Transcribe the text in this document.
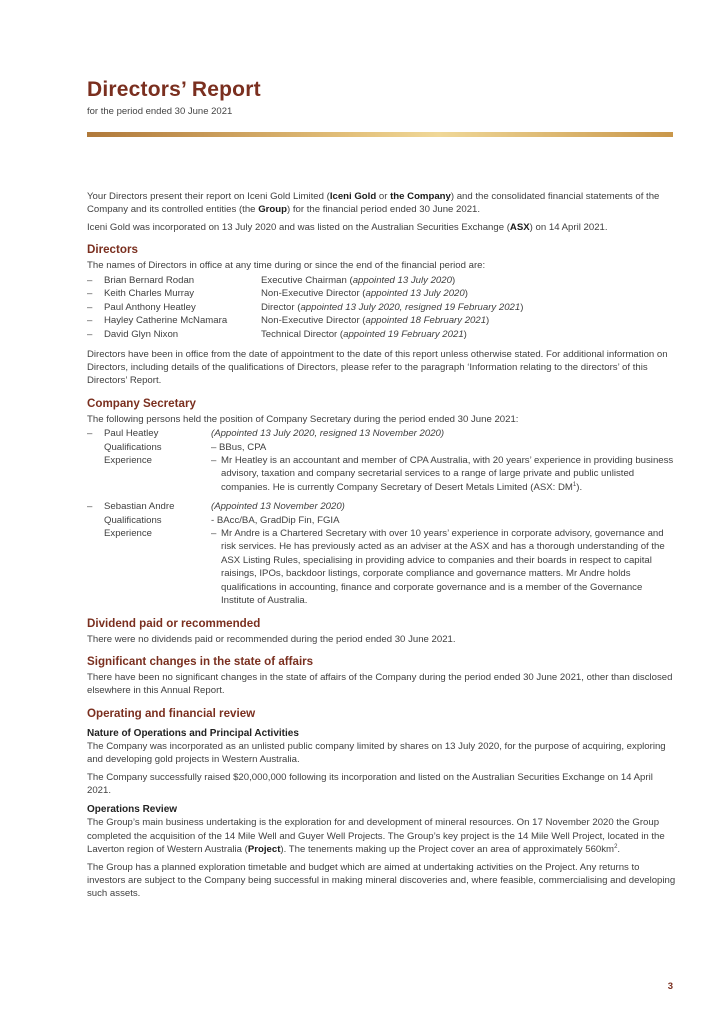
Directors’ Report
for the period ended 30 June 2021

Your Directors present their report on Iceni Gold Limited (Iceni Gold or the Company) and the consolidated financial statements of the Company and its controlled entities (the Group) for the financial period ended 30 June 2021.

Iceni Gold was incorporated on 13 July 2020 and was listed on the Australian Securities Exchange (ASX) on 14 April 2021.

Directors

The names of Directors in office at any time during or since the end of the financial period are:

–	Brian Bernard Rodan	Executive Chairman (appointed 13 July 2020)
–	Keith Charles Murray	Non-Executive Director (appointed 13 July 2020)
–	Paul Anthony Heatley	Director (appointed 13 July 2020, resigned 19 February 2021)
–	Hayley Catherine McNamara	Non-Executive Director (appointed 18 February 2021)
–	David Glyn Nixon	Technical Director (appointed 19 February 2021)

Directors have been in office from the date of appointment to the date of this report unless otherwise stated. For additional information on Directors, including details of the qualifications of Directors, please refer to the paragraph ‘Information relating to the directors’ of this Directors’ Report.

Company Secretary

The following persons held the position of Company Secretary during the period ended 30 June 2021:

–	Paul Heatley	(Appointed 13 July 2020, resigned 13 November 2020)
Qualifications	– BBus, CPA
Experience	– Mr Heatley is an accountant and member of CPA Australia, with 20 years’ experience in providing business advisory, taxation and company secretarial services to a range of large private and public unlisted companies. He is currently Company Secretary of Desert Metals Limited (ASX: $DM^1$).
–	Sebastian Andre	(Appointed 13 November 2020)
Qualifications	- BAcc/BA, GradDip Fin, FGIA
Experience	– Mr Andre is a Chartered Secretary with over 10 years’ experience in corporate advisory, governance and risk services. He has previously acted as an adviser at the ASX and has a thorough understanding of the ASX Listing Rules, specialising in providing advice to companies and their boards in respect to capital raisings, IPOs, backdoor listings, corporate compliance and governance matters. Mr Andre holds qualifications in accounting, finance and corporate governance and is a member of the Governance Institute of Australia.
Dividend paid or recommended

There were no dividends paid or recommended during the period ended 30 June 2021.

Significant changes in the state of affairs

There have been no significant changes in the state of affairs of the Company during the period ended 30 June 2021, other than disclosed elsewhere in this Annual Report.

Operating and financial review
Nature of Operations and Principal Activities

The Company was incorporated as an unlisted public company limited by shares on 13 July 2020, for the purpose of acquiring, exploring and developing gold projects in Western Australia.

The Company successfully raised $20,000,000 following its incorporation and listed on the Australian Securities Exchange on 14 April 2021.

Operations Review

The Group’s main business undertaking is the exploration for and development of mineral resources. On 17 November 2020 the Group completed the acquisition of the 14 Mile Well and Guyer Well Projects. The Group’s key project is the 14 Mile Well Project, located in the Laverton region of Western Australia (Project). The tenements making up the Project cover an area of approximately $560km^2$.

The Group has a planned exploration timetable and budget which are aimed at undertaking activities on the Project. Any returns to investors are subject to the Company being successful in making mineral discoveries and, where feasible, commercialising and developing such assets.

3
